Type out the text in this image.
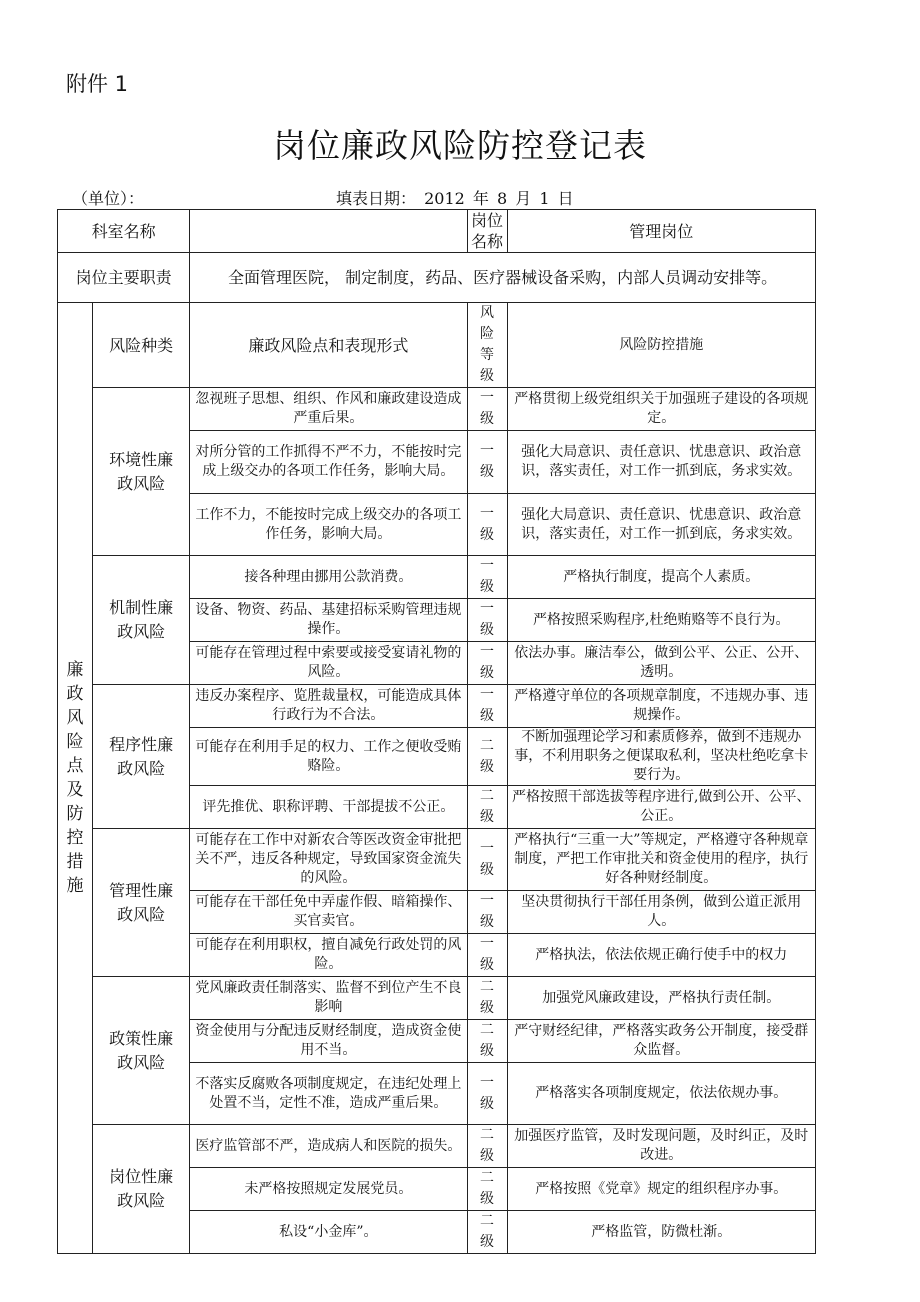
附件 1
岗位廉政风险防控登记表
（单位）：	填表日期： 2012 年 8 月 1 日
科室名称			岗位名称	管理岗位
岗位主要职责		全面管理医院， 制定制度，药品、医疗器械设备采购，内部人员调动安排等。		

廉政风险点及防控措施	风险种类	廉政风险点和表现形式	风险等级	风险防控措施
	环境性廉政风险	忽视班子思想、组织、作风和廉政建设造成严重后果。	一级	严格贯彻上级党组织关于加强班子建设的各项规定。
		对所分管的工作抓得不严不力，不能按时完成上级交办的各项工作任务，影响大局。	一级	强化大局意识、责任意识、忧患意识、政治意识，落实责任，对工作一抓到底，务求实效。
		工作不力，不能按时完成上级交办的各项工作任务，影响大局。	一级	强化大局意识、责任意识、忧患意识、政治意识，落实责任，对工作一抓到底，务求实效。
	机制性廉政风险	接各种理由挪用公款消费。	一级	严格执行制度，提高个人素质。
		设备、物资、药品、基建招标采购管理违规操作。	一级	严格按照采购程序,杜绝贿赂等不良行为。
		可能存在管理过程中索要或接受宴请礼物的风险。	一级	依法办事。廉洁奉公，做到公平、公正、公开、透明。
	程序性廉政风险	违反办案程序、览胜裁量权，可能造成具体行政行为不合法。	一级	严格遵守单位的各项规章制度，不违规办事、违规操作。
		可能存在利用手足的权力、工作之便收受贿赂险。	二级	不断加强理论学习和素质修养，做到不违规办事，不利用职务之便谋取私利，坚决杜绝吃拿卡要行为。
		评先推优、职称评聘、干部提拔不公正。	二级	严格按照干部选拔等程序进行,做到公开、公平、公正。
	管理性廉政风险	可能存在工作中对新农合等医改资金审批把关不严，违反各种规定，导致国家资金流失的风险。	一级	严格执行“三重一大”等规定，严格遵守各种规章制度，严把工作审批关和资金使用的程序，执行好各种财经制度。
		可能存在干部任免中弄虚作假、暗箱操作、买官卖官。	一级	坚决贯彻执行干部任用条例，做到公道正派用人。
		可能存在利用职权，擅自减免行政处罚的风险。	一级	严格执法，依法依规正确行使手中的权力
	政策性廉政风险	党风廉政责任制落实、监督不到位产生不良影响	二级	加强党风廉政建设，严格执行责任制。
		资金使用与分配违反财经制度，造成资金使用不当。	二级	严守财经纪律，严格落实政务公开制度，接受群众监督。
		不落实反腐败各项制度规定，在违纪处理上处置不当，定性不准，造成严重后果。	一级	严格落实各项制度规定，依法依规办事。
	岗位性廉政风险	医疗监管部不严，造成病人和医院的损失。	二级	加强医疗监管，及时发现问题，及时纠正，及时改进。
		未严格按照规定发展党员。	二级	严格按照《党章》规定的组织程序办事。
		私设“小金库”。	二级	严格监管，防微杜渐。
